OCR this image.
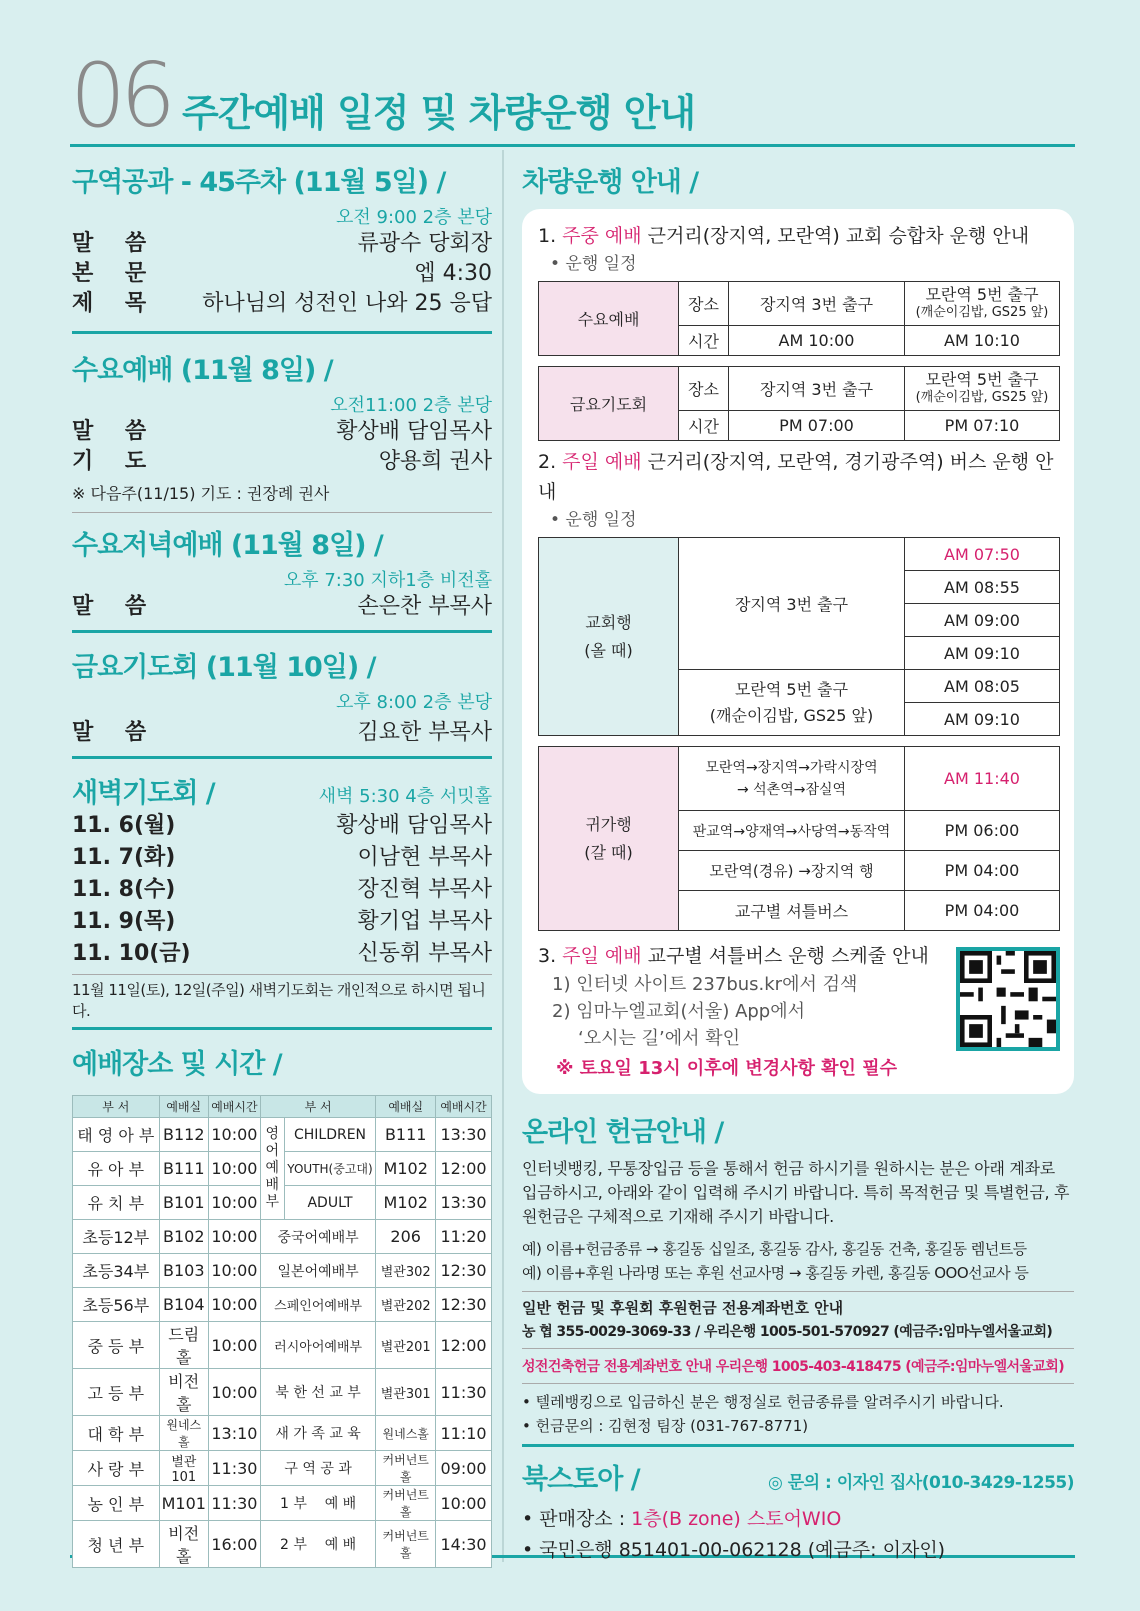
06 주간예배 일정 및 차량운행 안내
구역공과 - 45주차 (11월 5일) /
오전 9:00 2층 본당
말 씀	류광수 당회장
본 문	엡 4:30
제 목 하나님의 성전인 나와 25 응답
수요예배 (11월 8일) /
오전11:00 2층 본당
말 씀	황상배 담임목사
기 도	양용희 권사
※ 다음주(11/15) 기도 : 권장례 권사
수요저녁예배 (11월 8일) /
오후 7:30 지하1층 비전홀
말 씀	손은찬 부목사
금요기도회 (11월 10일) /
오후 8:00 2층 본당
말 씀	김요한 부목사
새벽기도회 /	새벽 5:30 4층 서밋홀
11. 6(월)	황상배 담임목사
11. 7(화)	이남현 부목사
11. 8(수)	장진혁 부목사
11. 9(목)	황기업 부목사
11. 10(금)	신동휘 부목사
11월 11일(토), 12일(주일) 새벽기도회는 개인적으로 하시면 됩니다.
예배장소 및 시간 /
부 서	예배실	예배시간	부 서		예배실	예배시간
태 영 아 부	B112	10:00	영어예배부	CHILDREN	B111	13:30
유 아 부	B111	10:00		YOUTH(중고대)	M102	12:00
유 치 부	B101	10:00		ADULT	M102	13:30
초등12부	B102	10:00	중국어예배부		206	11:20
초등34부	B103	10:00	일본어예배부		별관302	12:30
초등56부	B104	10:00	스페인어예배부		별관202	12:30
중 등 부	드림홀	10:00	러시아어예배부		별관201	12:00
고 등 부	비전홀	10:00	북 한 선 교 부		별관301	11:30
대 학 부	원네스홀	13:10	새 가 족 교 육		원네스홀	11:10
사 랑 부	별관101	11:30	구 역 공 과		커버넌트홀	09:00
농 인 부	M101	11:30	1 부    예 배		커버넌트홀	10:00
청 년 부	비전홀	16:00	2 부    예 배		커버넌트홀	14:30
차량운행 안내 /
1. 주중 예배 근거리(장지역, 모란역) 교회 승합차 운행 안내
• 운행 일정
수요예배	장소	장지역 3번 출구	모란역 5번 출구
(깨순이김밥, GS25 앞)
	시간	AM 10:00	AM 10:10
금요기도회	장소	장지역 3번 출구	모란역 5번 출구
(깨순이김밥, GS25 앞)
	시간	PM 07:00	PM 07:10
2. 주일 예배 근거리(장지역, 모란역, 경기광주역) 버스 운행 안내
• 운행 일정
교회행
(올 때)	장지역 3번 출구	AM 07:50
		AM 08:55
		AM 09:00
		AM 09:10
	모란역 5번 출구
(깨순이김밥, GS25 앞)	AM 08:05
		AM 09:10
귀가행
(갈 때)	모란역→장지역→가락시장역
→ 석촌역→잠실역	AM 11:40
	판교역→양재역→사당역→동작역	PM 06:00
	모란역(경유) →장지역 행	PM 04:00
	교구별 셔틀버스	PM 04:00
3. 주일 예배 교구별 셔틀버스 운행 스케줄 안내
1) 인터넷 사이트 237bus.kr에서 검색
2) 임마누엘교회(서울) App에서
‘오시는 길’에서 확인
※ 토요일 13시 이후에 변경사항 확인 필수
온라인 헌금안내 /

인터넷뱅킹, 무통장입금 등을 통해서 헌금 하시기를 원하시는 분은 아래 계좌로 입금하시고, 아래와 같이 입력해 주시기 바랍니다. 특히 목적헌금 및 특별헌금, 후원헌금은 구체적으로 기재해 주시기 바랍니다.

예) 이름+헌금종류 → 홍길동 십일조, 홍길동 감사, 홍길동 건축, 홍길동 렘넌트등

예) 이름+후원 나라명 또는 후원 선교사명 → 홍길동 카렌, 홍길동 OOO선교사 등

일반 헌금 및 후원회 후원헌금 전용계좌번호 안내

농 협 355-0029-3069-33 / 우리은행 1005-501-570927 (예금주:임마누엘서울교회)

성전건축헌금 전용계좌번호 안내 우리은행 1005-403-418475 (예금주:임마누엘서울교회)

• 텔레뱅킹으로 입금하신 분은 행정실로 헌금종류를 알려주시기 바랍니다.

• 헌금문의 : 김현정 팀장 (031-767-8771)

북스토아 /	◎ 문의 : 이자인 집사(010-3429-1255)
• 판매장소 : 1층(B zone) 스토어WIO
• 국민은행 851401-00-062128 (예금주: 이자인)
